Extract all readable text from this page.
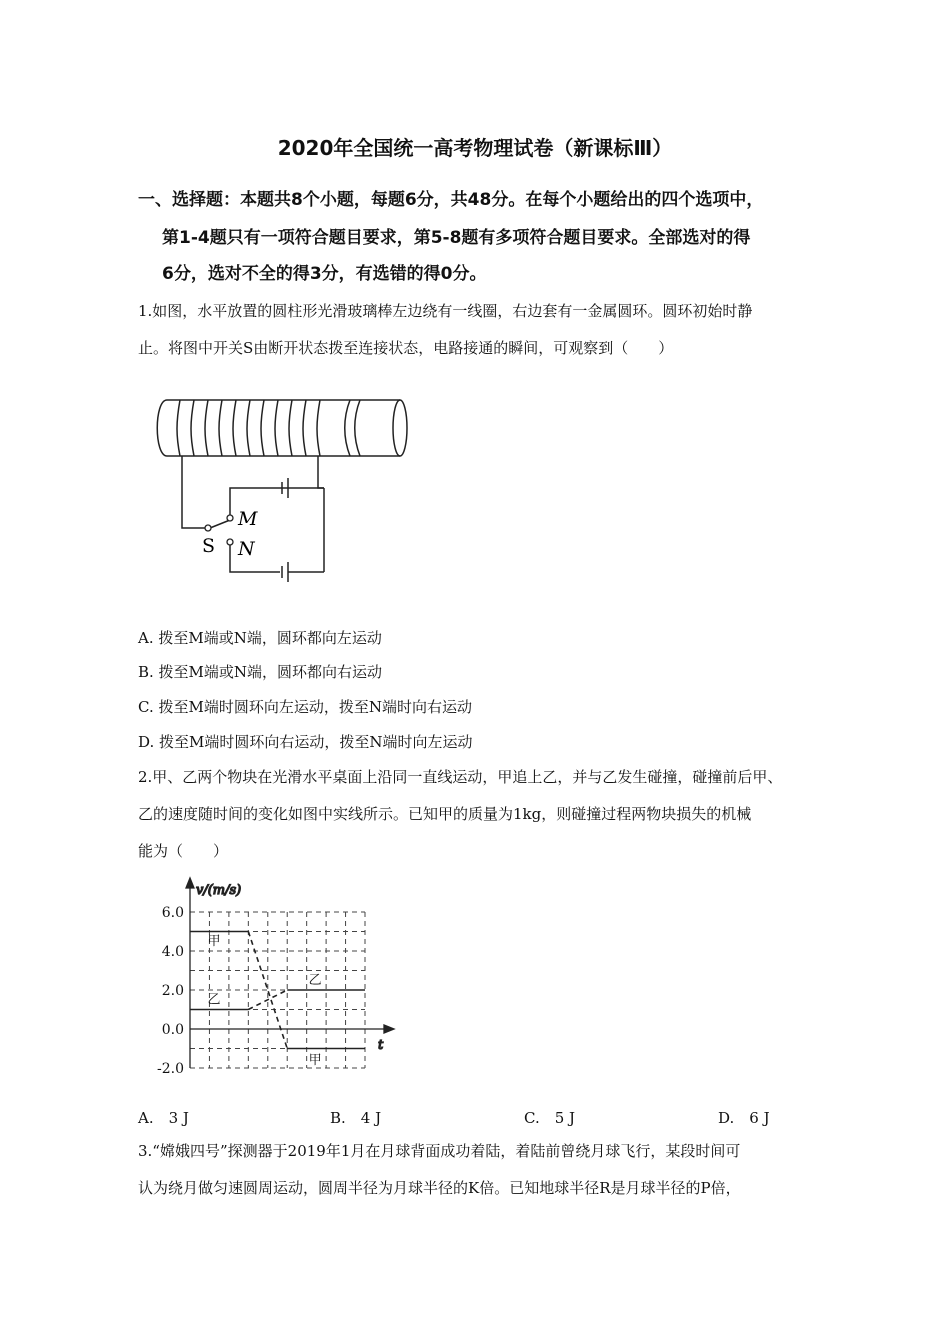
2020年全国统一高考物理试卷（新课标Ⅲ）
一、选择题：本题共8个小题，每题6分，共48分。在每个小题给出的四个选项中，
第1-4题只有一项符合题目要求，第5-8题有多项符合题目要求。全部选对的得
6分，选对不全的得3分，有选错的得0分。
1.如图，水平放置的圆柱形光滑玻璃棒左边绕有一线圈，右边套有一金属圆环。圆环初始时静
止。将图中开关S由断开状态拨至连接状态，电路接通的瞬间，可观察到（　　）
M
N
S
A. 拨至M端或N端，圆环都向左运动
B. 拨至M端或N端，圆环都向右运动
C. 拨至M端时圆环向左运动，拨至N端时向右运动
D. 拨至M端时圆环向右运动，拨至N端时向左运动
2.甲、乙两个物块在光滑水平桌面上沿同一直线运动，甲追上乙，并与乙发生碰撞，碰撞前后甲、
乙的速度随时间的变化如图中实线所示。已知甲的质量为1kg，则碰撞过程两物块损失的机械
能为（　　）
v/(m/s)
t
6.0
4.0
2.0
0.0
-2.0
甲
乙
乙
甲
A.　3 J	B.　4 J	C.　5 J	D.　6 J
3.“嫦娥四号”探测器于2019年1月在月球背面成功着陆，着陆前曾绕月球飞行，某段时间可
认为绕月做匀速圆周运动，圆周半径为月球半径的K倍。已知地球半径R是月球半径的P倍，
